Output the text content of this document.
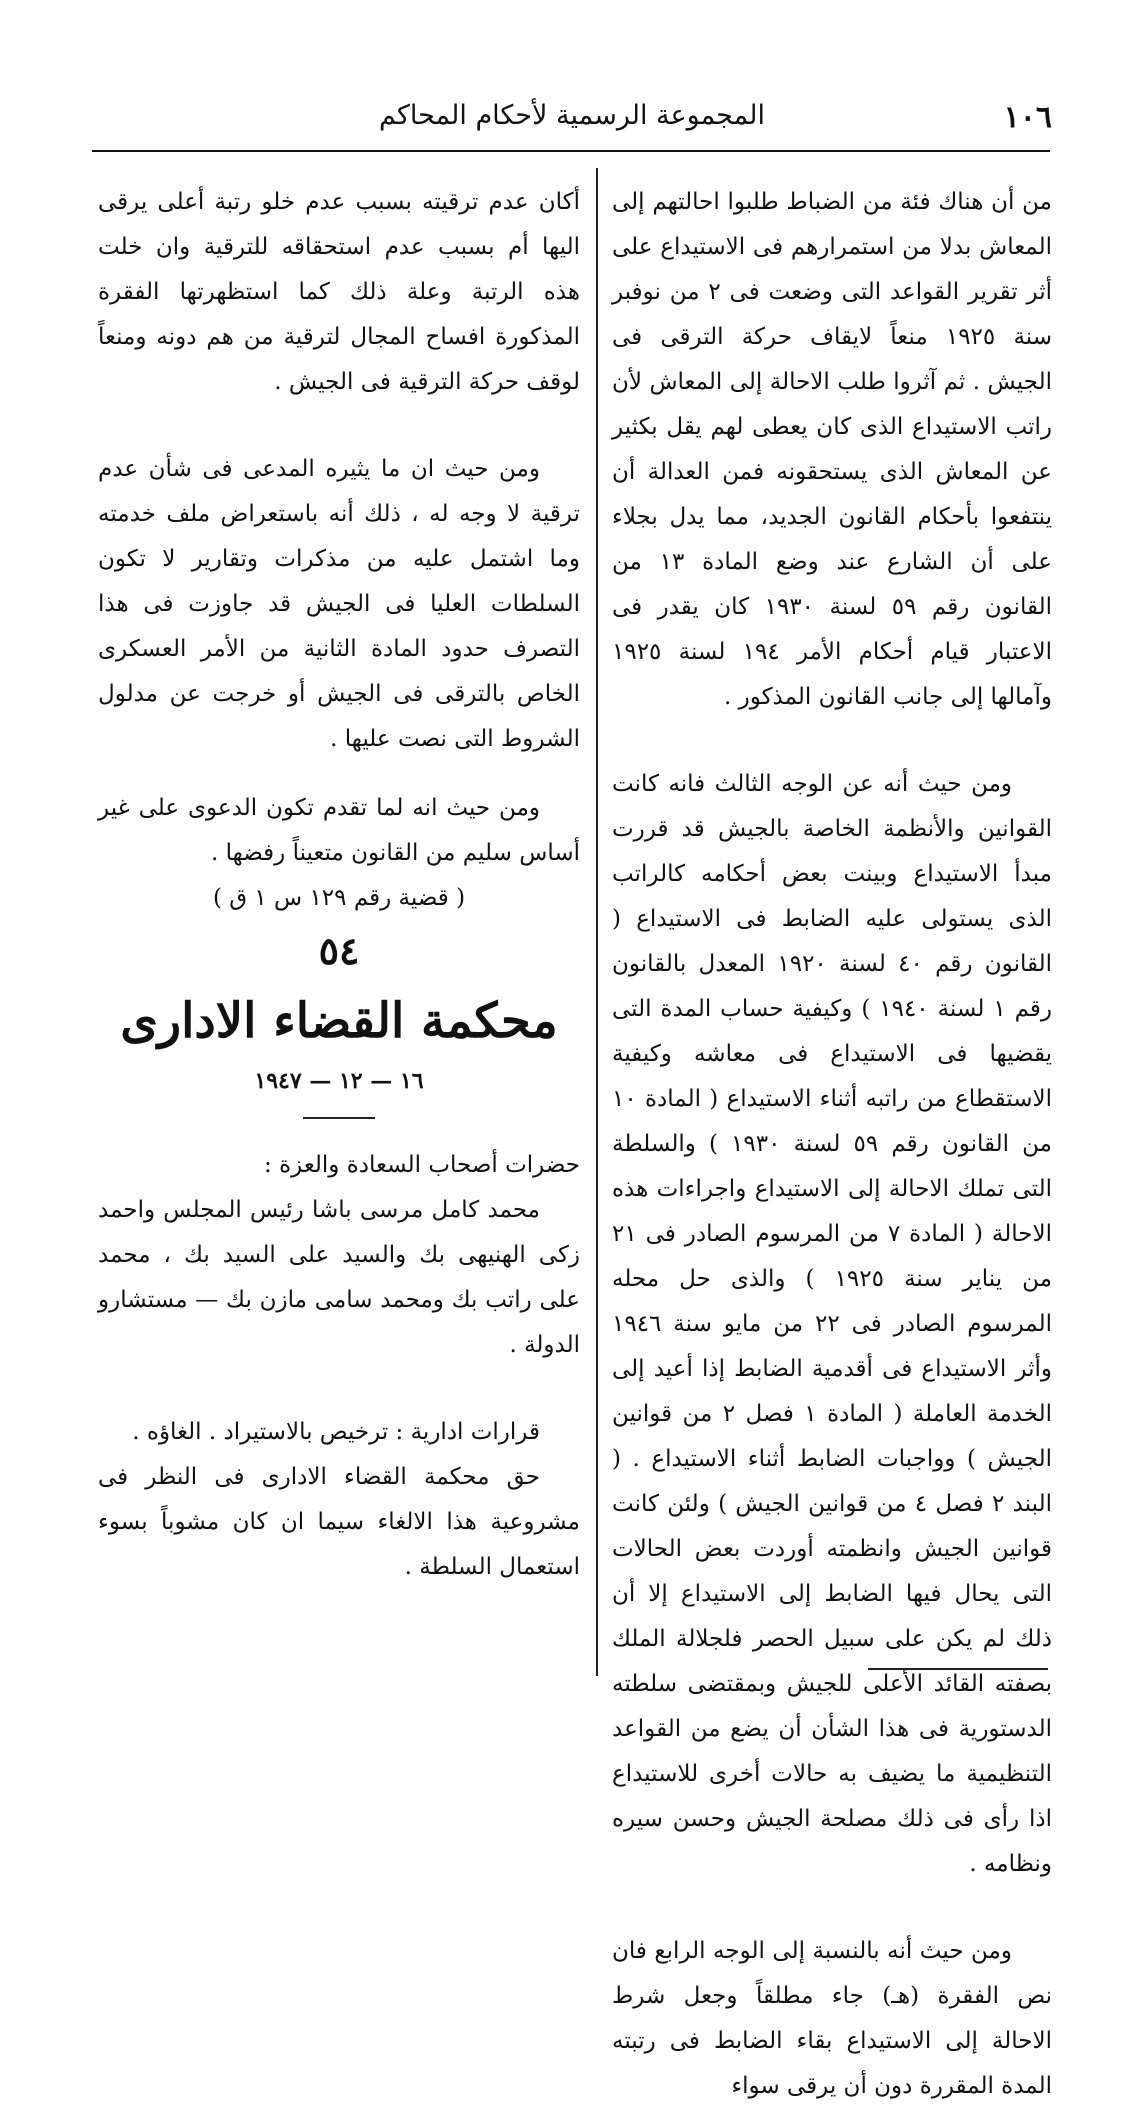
١٠٦
المجموعة الرسمية لأحكام المحاكم

من أن هناك فئة من الضباط طلبوا احالتهم إلى المعاش بدلا من استمرارهم فى الاستيداع على أثر تقرير القواعد التى وضعت فى ٢ من نوفبر سنة ١٩٢٥ منعاً لايقاف حركة الترقى فى الجيش . ثم آثروا طلب الاحالة إلى المعاش لأن راتب الاستيداع الذى كان يعطى لهم يقل بكثير عن المعاش الذى يستحقونه فمن العدالة أن ينتفعوا بأحكام القانون الجديد، مما يدل بجلاء على أن الشارع عند وضع المادة ١٣ من القانون رقم ٥٩ لسنة ١٩٣٠ كان يقدر فى الاعتبار قيام أحكام الأمر ١٩٤ لسنة ١٩٢٥ وآمالها إلى جانب القانون المذكور .

ومن حيث أنه عن الوجه الثالث فانه كانت القوانين والأنظمة الخاصة بالجيش قد قررت مبدأ الاستيداع وبينت بعض أحكامه كالراتب الذى يستولى عليه الضابط فى الاستيداع ( القانون رقم ٤٠ لسنة ١٩٢٠ المعدل بالقانون رقم ١ لسنة ١٩٤٠ ) وكيفية حساب المدة التى يقضيها فى الاستيداع فى معاشه وكيفية الاستقطاع من راتبه أثناء الاستيداع ( المادة ١٠ من القانون رقم ٥٩ لسنة ١٩٣٠ ) والسلطة التى تملك الاحالة إلى الاستيداع واجراءات هذه الاحالة ( المادة ٧ من المرسوم الصادر فى ٢١ من يناير سنة ١٩٢٥ ) والذى حل محله المرسوم الصادر فى ٢٢ من مايو سنة ١٩٤٦ وأثر الاستيداع فى أقدمية الضابط إذا أعيد إلى الخدمة العاملة ( المادة ١ فصل ٢ من قوانين الجيش ) وواجبات الضابط أثناء الاستيداع . ( البند ٢ فصل ٤ من قوانين الجيش ) ولئن كانت قوانين الجيش وانظمته أوردت بعض الحالات التى يحال فيها الضابط إلى الاستيداع إلا أن ذلك لم يكن على سبيل الحصر فلجلالة الملك بصفته القائد الأعلى للجيش وبمقتضى سلطته الدستورية فى هذا الشأن أن يضع من القواعد التنظيمية ما يضيف به حالات أخرى للاستيداع اذا رأى فى ذلك مصلحة الجيش وحسن سيره ونظامه .

ومن حيث أنه بالنسبة إلى الوجه الرابع فان نص الفقرة (هـ) جاء مطلقاً وجعل شرط الاحالة إلى الاستيداع بقاء الضابط فى رتبته المدة المقررة دون أن يرقى سواء

أكان عدم ترقيته بسبب عدم خلو رتبة أعلى يرقى اليها أم بسبب عدم استحقاقه للترقية وان خلت هذه الرتبة وعلة ذلك كما استظهرتها الفقرة المذكورة افساح المجال لترقية من هم دونه ومنعاً لوقف حركة الترقية فى الجيش .

ومن حيث ان ما يثيره المدعى فى شأن عدم ترقية لا وجه له ، ذلك أنه باستعراض ملف خدمته وما اشتمل عليه من مذكرات وتقارير لا تكون السلطات العليا فى الجيش قد جاوزت فى هذا التصرف حدود المادة الثانية من الأمر العسكرى الخاص بالترقى فى الجيش أو خرجت عن مدلول الشروط التى نصت عليها .

ومن حيث انه لما تقدم تكون الدعوى على غير أساس سليم من القانون متعيناً رفضها .

( قضية رقم ١٢٩ س ١ ق )

٥٤

محكمة القضاء الادارى

١٦ — ١٢ — ١٩٤٧

حضرات أصحاب السعادة والعزة :

محمد كامل مرسى باشا رئيس المجلس واحمد زكى الهنيهى بك والسيد على السيد بك ، محمد على راتب بك ومحمد سامى مازن بك — مستشارو الدولة .

قرارات ادارية : ترخيص بالاستيراد . الغاؤه .

حق محكمة القضاء الادارى فى النظر فى مشروعية هذا الالغاء سيما ان كان مشوباً بسوء استعمال السلطة .
